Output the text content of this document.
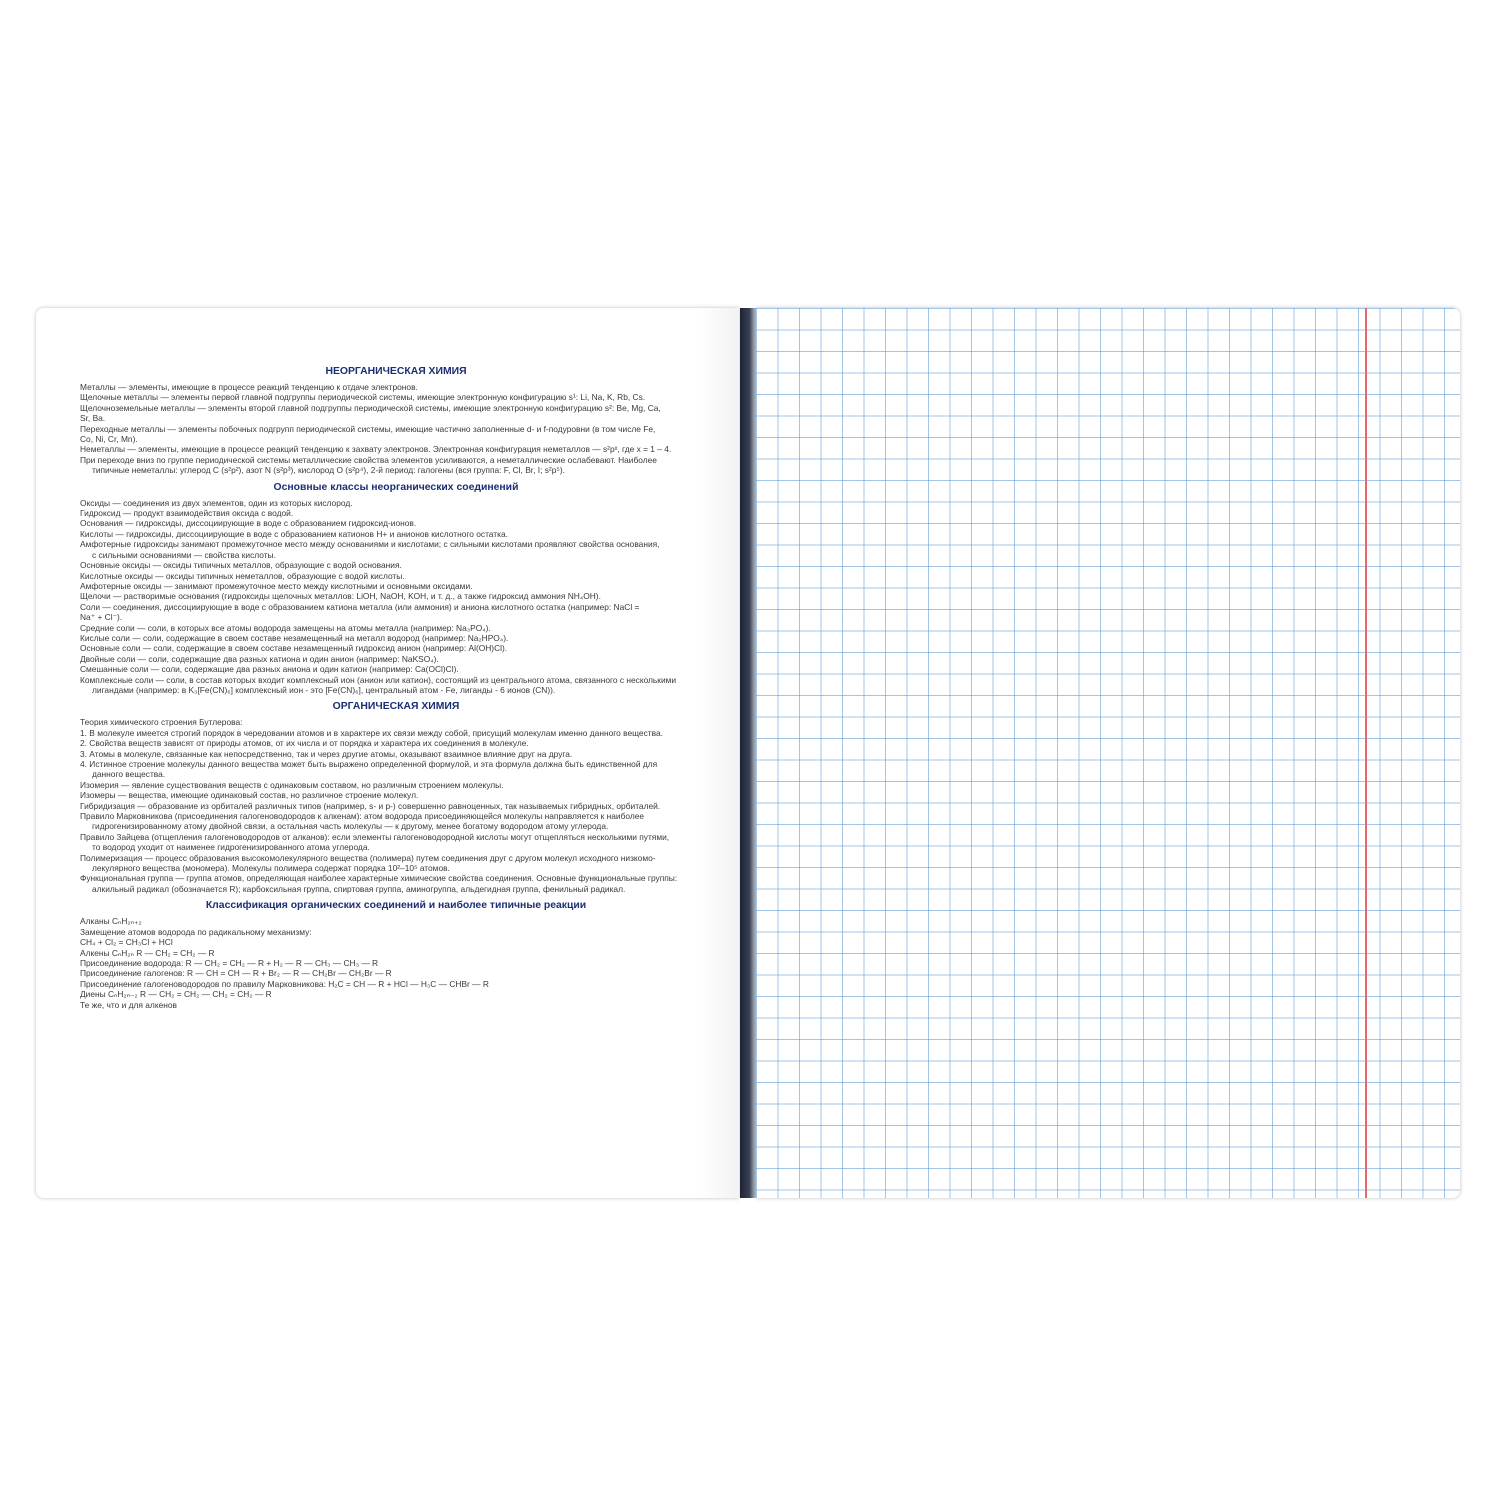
НЕОРГАНИЧЕСКАЯ ХИМИЯ

Металлы — элементы, имеющие в процессе реакций тенденцию к отдаче электронов.

Щелочные металлы — элементы первой главной подгруппы периодической системы, имеющие электронную конфигурацию s¹: Li, Na, K, Rb, Cs.

Щелочноземельные металлы — элементы второй главной подгруппы периодической системы, имеющие электронную конфигурацию s²: Be, Mg, Ca,

Sr, Ba.

Переходные металлы — элементы побочных подгрупп периодической системы, имеющие частично заполненные d- и f-подуровни (в том числе Fe,

Co, Ni, Cr, Mn).

Неметаллы — элементы, имеющие в процессе реакций тенденцию к захвату электронов. Электронная конфигурация неметаллов — s²pˣ, где x = 1 – 4.

При переходе вниз по группе периодической системы металлические свойства элементов усиливаются, а неметаллические ослабевают. Наиболее

типичные неметаллы: углерод C (s²p²), азот N (s²p³), кислород O (s²p⁴), 2-й период: галогены (вся группа: F, Cl, Br, I; s²p⁵).

Основные классы неорганических соединений

Оксиды — соединения из двух элементов, один из которых кислород.

Гидроксид — продукт взаимодействия оксида с водой.

Основания — гидроксиды, диссоциирующие в воде с образованием гидроксид-ионов.

Кислоты — гидроксиды, диссоциирующие в воде с образованием катионов H+ и анионов кислотного остатка.

Амфотерные гидроксиды занимают промежуточное место между основаниями и кислотами; с сильными кислотами проявляют свойства основания,

с сильными основаниями — свойства кислоты.

Основные оксиды — оксиды типичных металлов, образующие с водой основания.

Кислотные оксиды — оксиды типичных неметаллов, образующие с водой кислоты.

Амфотерные оксиды — занимают промежуточное место между кислотными и основными оксидами.

Щелочи — растворимые основания (гидроксиды щелочных металлов: LiOH, NaOH, KOH, и т. д., а также гидроксид аммония NH₄OH).

Соли — соединения, диссоциирующие в воде с образованием катиона металла (или аммония) и аниона кислотного остатка (например: NaCl =

Na⁺ + Cl⁻).

Средние соли — соли, в которых все атомы водорода замещены на атомы металла (например: Na₃PO₄).

Кислые соли — соли, содержащие в своем составе незамещенный на металл водород (например: Na₂HPO₄).

Основные соли — соли, содержащие в своем составе незамещенный гидроксид анион (например: Al(OH)Cl).

Двойные соли — соли, содержащие два разных катиона и один анион (например: NaKSO₄).

Смешанные соли — соли, содержащие два разных аниона и один катион (например: Ca(OCl)Cl).

Комплексные соли — соли, в состав которых входит комплексный ион (анион или катион), состоящий из центрального атома, связанного с несколькими

лигандами (например: в K₃[Fe(CN)₆] комплексный ион - это [Fe(CN)₆], центральный атом - Fe, лиганды - 6 ионов (CN)).

ОРГАНИЧЕСКАЯ ХИМИЯ

Теория химического строения Бутлерова:

1. В молекуле имеется строгий порядок в чередовании атомов и в характере их связи между собой, присущий молекулам именно данного вещества.

2. Свойства веществ зависят от природы атомов, от их числа и от порядка и характера их соединения в молекуле.

3. Атомы в молекуле, связанные как непосредственно, так и через другие атомы, оказывают взаимное влияние друг на друга.

4. Истинное строение молекулы данного вещества может быть выражено определенной формулой, и эта формула должна быть единственной для

данного вещества.

Изомерия — явление существования веществ с одинаковым составом, но различным строением молекулы.

Изомеры — вещества, имеющие одинаковый состав, но различное строение молекул.

Гибридизация — образование из орбиталей различных типов (например, s- и p-) совершенно равноценных, так называемых гибридных, орбиталей.

Правило Марковникова (присоединения галогеноводородов к алкенам): атом водорода присоединяющейся молекулы направляется к наиболее

гидрогенизированному атому двойной связи, а остальная часть молекулы — к другому, менее богатому водородом атому углерода.

Правило Зайцева (отщепления галогеноводородов от алканов): если элементы галогеноводородной кислоты могут отщепляться несколькими путями,

то водород уходит от наименее гидрогенизированного атома углерода.

Полимеризация — процесс образования высокомолекулярного вещества (полимера) путем соединения друг с другом молекул исходного низкомо-

лекулярного вещества (мономера). Молекулы полимера содержат порядка 10²–10⁵ атомов.

Функциональная группа — группа атомов, определяющая наиболее характерные химические свойства соединения. Основные функциональные группы:

алкильный радикал (обозначается R); карбоксильная группа, спиртовая группа, аминогруппа, альдегидная группа, фенильный радикал.

Классификация органических соединений и наиболее типичные реакции

Алканы CₙH₂ₙ₊₂

Замещение атомов водорода по радикальному механизму:

CH₄ + Cl₂ = CH₃Cl + HCl

Алкены CₙH₂ₙ R — CH₂ = CH₂ — R

Присоединение водорода: R — CH₂ = CH₂ — R + H₂ — R — CH₃ — CH₃ — R

Присоединение галогенов: R — CH = CH — R + Br₂ — R — CH₂Br — CH₂Br — R

Присоединение галогеноводородов по правилу Марковникова: H₂C = CH — R + HCl — H₃C — CHBr — R

Диены CₙH₂ₙ₋₂ R — CH₂ = CH₂ — CH₂ = CH₂ — R

Те же, что и для алкенов
